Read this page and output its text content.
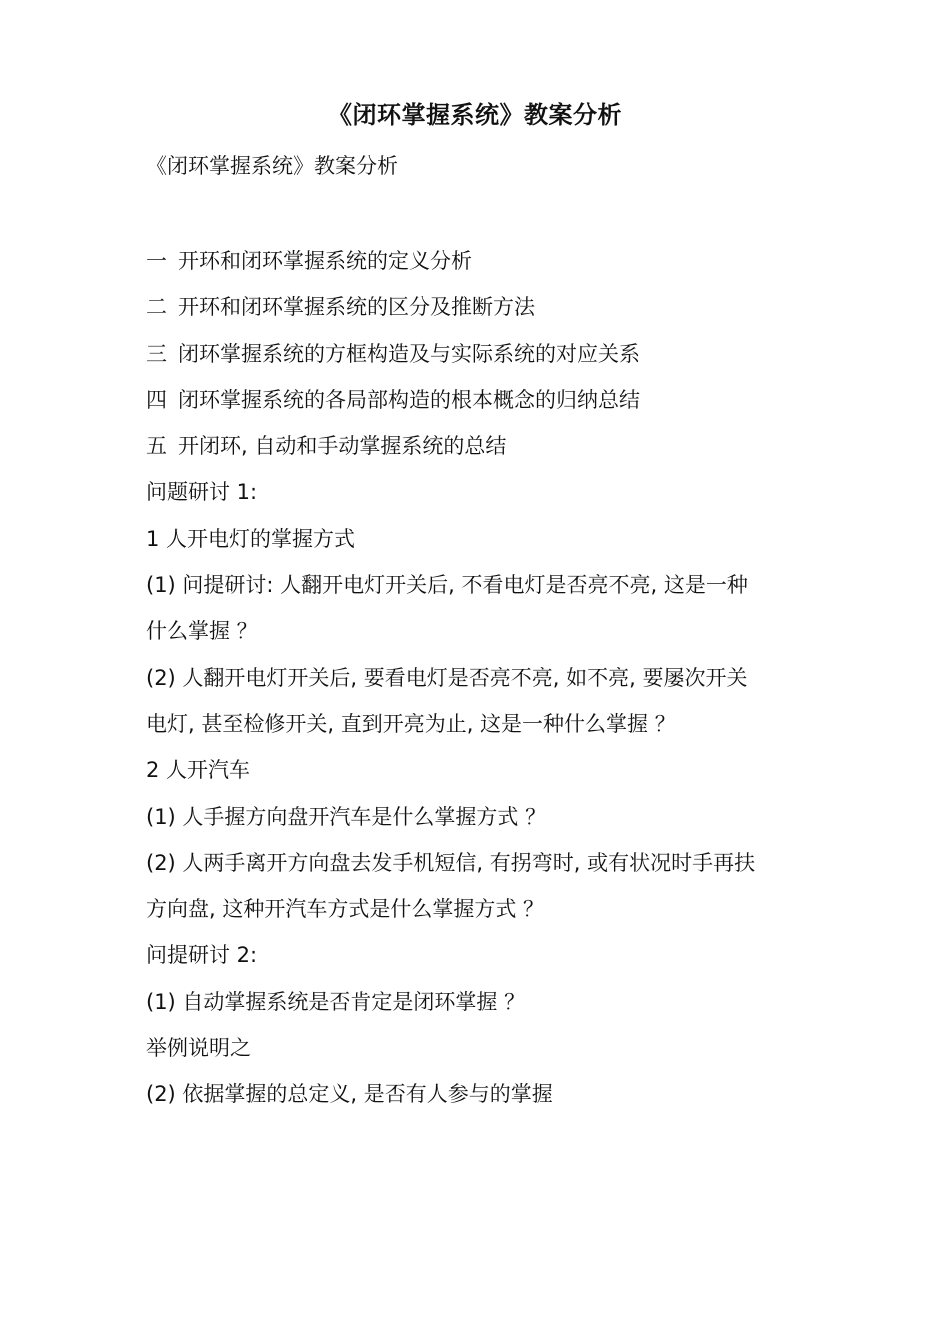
《闭环掌握系统》教案分析
《闭环掌握系统》教案分析
一 开环和闭环掌握系统的定义分析
二 开环和闭环掌握系统的区分及推断方法
三 闭环掌握系统的方框构造及与实际系统的对应关系
四 闭环掌握系统的各局部构造的根本概念的归纳总结
五 开闭环, 自动和手动掌握系统的总结
问题研讨 1:
1 人开电灯的掌握方式
(1) 问提研讨: 人翻开电灯开关后, 不看电灯是否亮不亮, 这是一种
什么掌握 ？
(2) 人翻开电灯开关后, 要看电灯是否亮不亮, 如不亮, 要屡次开关
电灯, 甚至检修开关, 直到开亮为止, 这是一种什么掌握 ？
2 人开汽车
(1) 人手握方向盘开汽车是什么掌握方式 ？
(2) 人两手离开方向盘去发手机短信, 有拐弯时, 或有状况时手再扶
方向盘, 这种开汽车方式是什么掌握方式 ？
问提研讨 2:
(1) 自动掌握系统是否肯定是闭环掌握 ？
举例说明之
(2) 依据掌握的总定义, 是否有人参与的掌握
